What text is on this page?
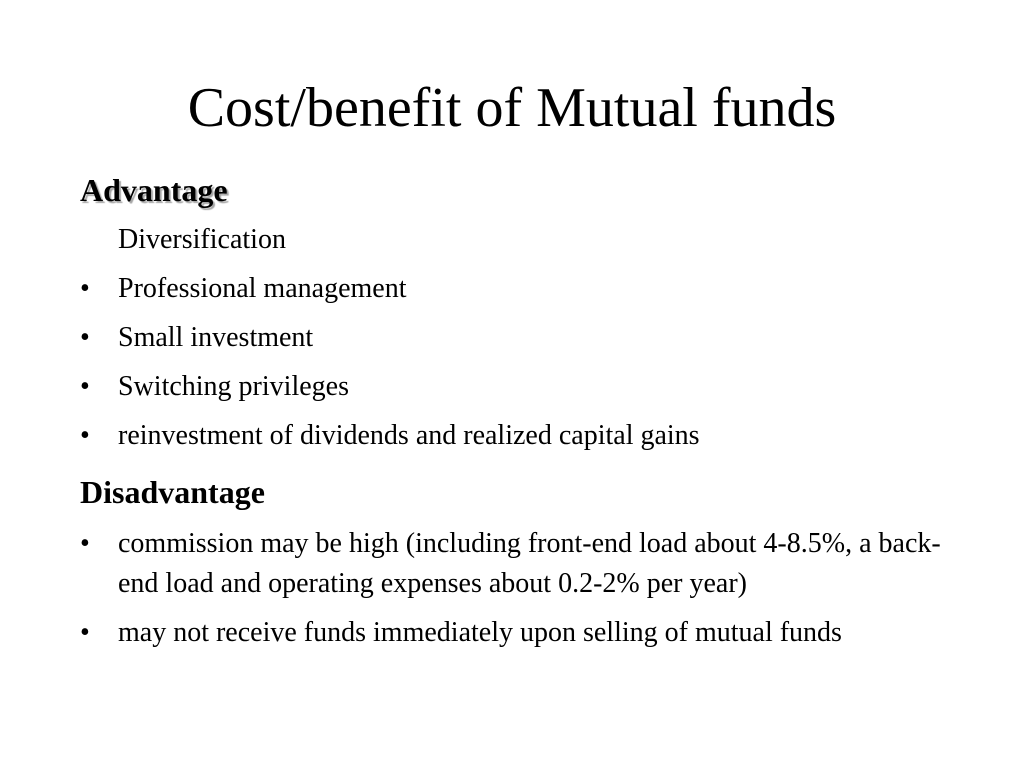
Cost/benefit of Mutual funds
Advantage
Diversification
• Professional management
• Small investment
• Switching privileges
• reinvestment of dividends and realized capital gains
Disadvantage
• commission may be high (including front-end load about 4-8.5%, a back-end load and operating expenses about 0.2-2% per year)
• may not receive funds immediately upon selling of mutual funds
